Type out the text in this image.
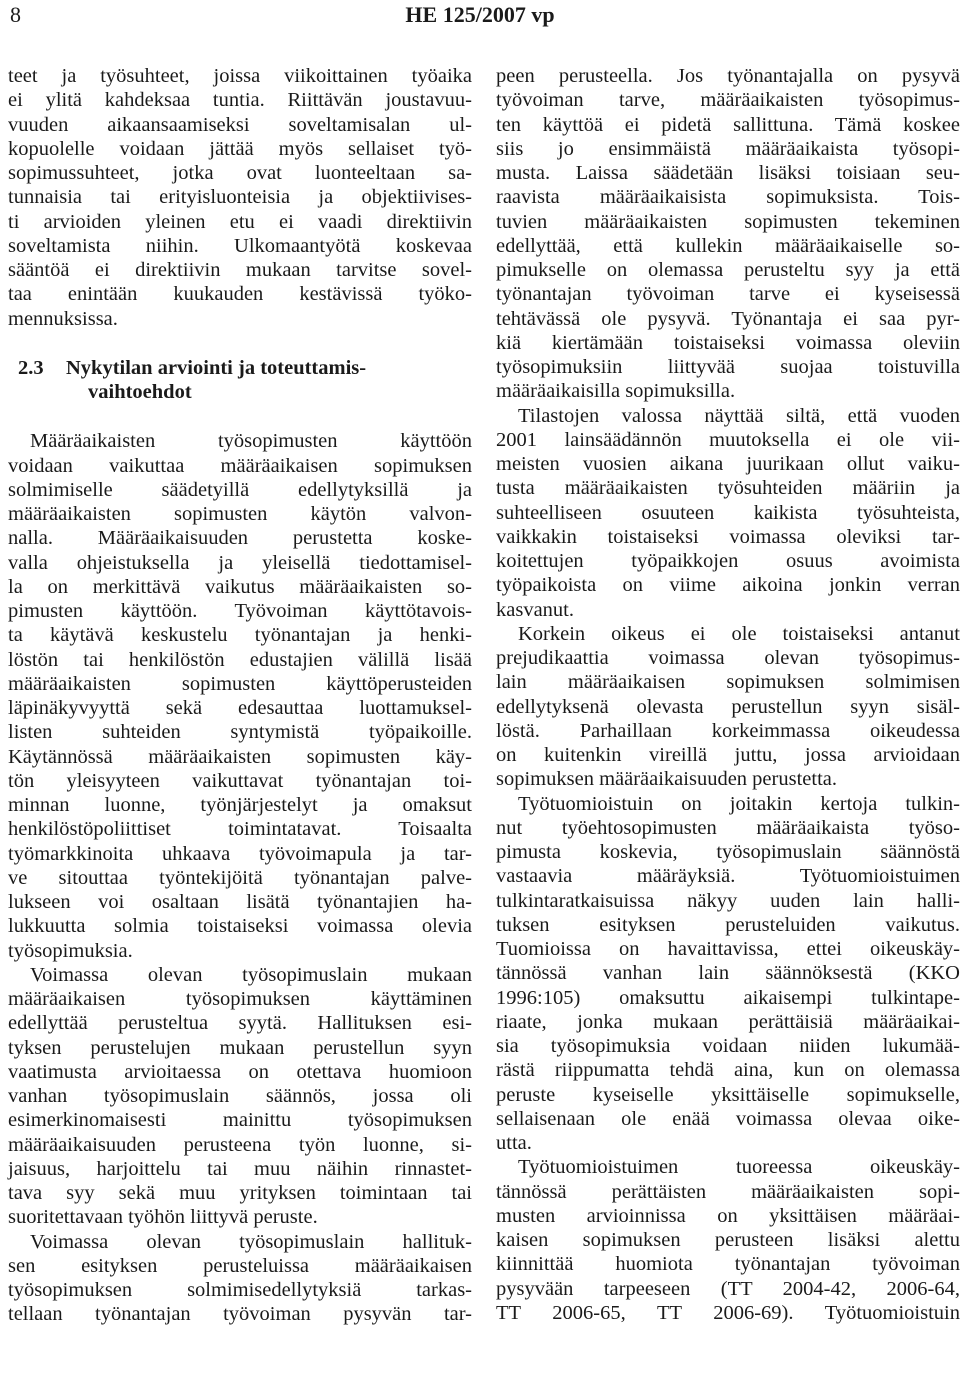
8	HE 125/2007 vp
teet ja työsuhteet, joissa viikoittainen työaika
ei ylitä kahdeksaa tuntia. Riittävän joustavuu-
vuuden aikaansaamiseksi soveltamisalan ul-
kopuolelle voidaan jättää myös sellaiset työ-
sopimussuhteet, jotka ovat luonteeltaan sa-
tunnaisia tai erityisluonteisia ja objektiivises-
ti arvioiden yleinen etu ei vaadi direktiivin
soveltamista niihin. Ulkomaantyötä koskevaa
sääntöä ei direktiivin mukaan tarvitse sovel-
taa enintään kuukauden kestävissä työko-
mennuksissa.
2.3 Nykytilan arviointi ja toteuttamis-
vaihtoehdot
Määräaikaisten työsopimusten käyttöön
voidaan vaikuttaa määräaikaisen sopimuksen
solmimiselle säädetyillä edellytyksillä ja
määräaikaisten sopimusten käytön valvon-
nalla. Määräaikaisuuden perustetta koske-
valla ohjeistuksella ja yleisellä tiedottamisel-
la on merkittävä vaikutus määräaikaisten so-
pimusten käyttöön. Työvoiman käyttötavois-
ta käytävä keskustelu työnantajan ja henki-
löstön tai henkilöstön edustajien välillä lisää
määräaikaisten sopimusten käyttöperusteiden
läpinäkyvyyttä sekä edesauttaa luottamuksel-
listen suhteiden syntymistä työpaikoille.
Käytännössä määräaikaisten sopimusten käy-
tön yleisyyteen vaikuttavat työnantajan toi-
minnan luonne, työnjärjestelyt ja omaksut
henkilöstöpoliittiset toimintatavat. Toisaalta
työmarkkinoita uhkaava työvoimapula ja tar-
ve sitouttaa työntekijöitä työnantajan palve-
lukseen voi osaltaan lisätä työnantajien ha-
lukkuutta solmia toistaiseksi voimassa olevia
työsopimuksia.
Voimassa olevan työsopimuslain mukaan
määräaikaisen työsopimuksen käyttäminen
edellyttää perusteltua syytä. Hallituksen esi-
tyksen perustelujen mukaan perustellun syyn
vaatimusta arvioitaessa on otettava huomioon
vanhan työsopimuslain säännös, jossa oli
esimerkinomaisesti mainittu työsopimuksen
määräaikaisuuden perusteena työn luonne, si-
jaisuus, harjoittelu tai muu näihin rinnastet-
tava syy sekä muu yrityksen toimintaan tai
suoritettavaan työhön liittyvä peruste.
Voimassa olevan työsopimuslain hallituk-
sen esityksen perusteluissa määräaikaisen
työsopimuksen solmimisedellytyksiä tarkas-
tellaan työnantajan työvoiman pysyvän tar-
peen perusteella. Jos työnantajalla on pysyvä
työvoiman tarve, määräaikaisten työsopimus-
ten käyttöä ei pidetä sallittuna. Tämä koskee
siis jo ensimmäistä määräaikaista työsopi-
musta. Laissa säädetään lisäksi toisiaan seu-
raavista määräaikaisista sopimuksista. Tois-
tuvien määräaikaisten sopimusten tekeminen
edellyttää, että kullekin määräaikaiselle so-
pimukselle on olemassa perusteltu syy ja että
työnantajan työvoiman tarve ei kyseisessä
tehtävässä ole pysyvä. Työnantaja ei saa pyr-
kiä kiertämään toistaiseksi voimassa oleviin
työsopimuksiin liittyvää suojaa toistuvilla
määräaikaisilla sopimuksilla.
Tilastojen valossa näyttää siltä, että vuoden
2001 lainsäädännön muutoksella ei ole vii-
meisten vuosien aikana juurikaan ollut vaiku-
tusta määräaikaisten työsuhteiden määriin ja
suhteelliseen osuuteen kaikista työsuhteista,
vaikkakin toistaiseksi voimassa oleviksi tar-
koitettujen työpaikkojen osuus avoimista
työpaikoista on viime aikoina jonkin verran
kasvanut.
Korkein oikeus ei ole toistaiseksi antanut
prejudikaattia voimassa olevan työsopimus-
lain määräaikaisen sopimuksen solmimisen
edellytyksenä olevasta perustellun syyn sisäl-
löstä. Parhaillaan korkeimmassa oikeudessa
on kuitenkin vireillä juttu, jossa arvioidaan
sopimuksen määräaikaisuuden perustetta.
Työtuomioistuin on joitakin kertoja tulkin-
nut työehtosopimusten määräaikaista työso-
pimusta koskevia, työsopimuslain säännöstä
vastaavia määräyksiä. Työtuomioistuimen
tulkintaratkaisuissa näkyy uuden lain halli-
tuksen esityksen perusteluiden vaikutus.
Tuomioissa on havaittavissa, ettei oikeuskäy-
tännössä vanhan lain säännöksestä (KKO
1996:105) omaksuttu aikaisempi tulkintape-
riaate, jonka mukaan perättäisiä määräaikai-
sia työsopimuksia voidaan niiden lukumää-
rästä riippumatta tehdä aina, kun on olemassa
peruste kyseiselle yksittäiselle sopimukselle,
sellaisenaan ole enää voimassa olevaa oike-
utta.
Työtuomioistuimen tuoreessa oikeuskäy-
tännössä perättäisten määräaikaisten sopi-
musten arvioinnissa on yksittäisen määräai-
kaisen sopimuksen perusteen lisäksi alettu
kiinnittää huomiota työnantajan työvoiman
pysyvään tarpeeseen (TT 2004-42, 2006-64,
TT 2006-65, TT 2006-69). Työtuomioistuin
